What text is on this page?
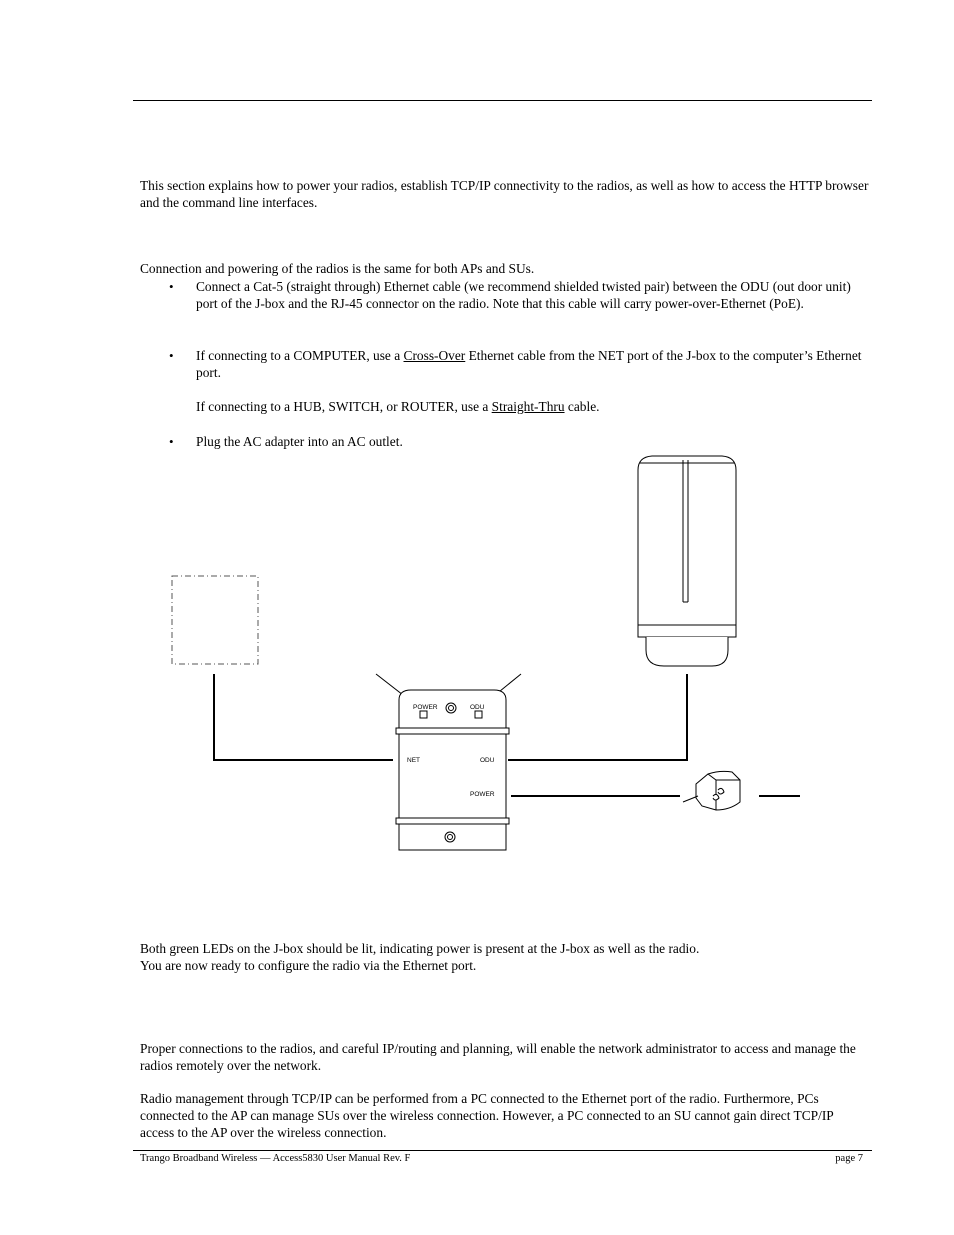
This section explains how to power your radios, establish TCP/IP connectivity to the radios, as well as how to access the HTTP browser and the command line interfaces.

Connection and powering of the radios is the same for both APs and SUs.

• Connect a Cat-5 (straight through) Ethernet cable (we recommend shielded twisted pair) between the ODU (out door unit) port of the J-box and the RJ-45 connector on the radio. Note that this cable will carry power-over-Ethernet (PoE).

• If connecting to a COMPUTER, use a Cross-Over Ethernet cable from the NET port of the J-box to the computer’s Ethernet port.

If connecting to a HUB, SWITCH, or ROUTER, use a Straight-Thru cable.

• Plug the AC adapter into an AC outlet.

POWER	ODU
NET	ODU
POWER

Both green LEDs on the J-box should be lit, indicating power is present at the J-box as well as the radio.

You are now ready to configure the radio via the Ethernet port.

Proper connections to the radios, and careful IP/routing and planning, will enable the network administrator to access and manage the radios remotely over the network.

Radio management through TCP/IP can be performed from a PC connected to the Ethernet port of the radio. Furthermore, PCs connected to the AP can manage SUs over the wireless connection. However, a PC connected to an SU cannot gain direct TCP/IP access to the AP over the wireless connection.

Trango Broadband Wireless — Access5830 User Manual Rev. F	page 7
